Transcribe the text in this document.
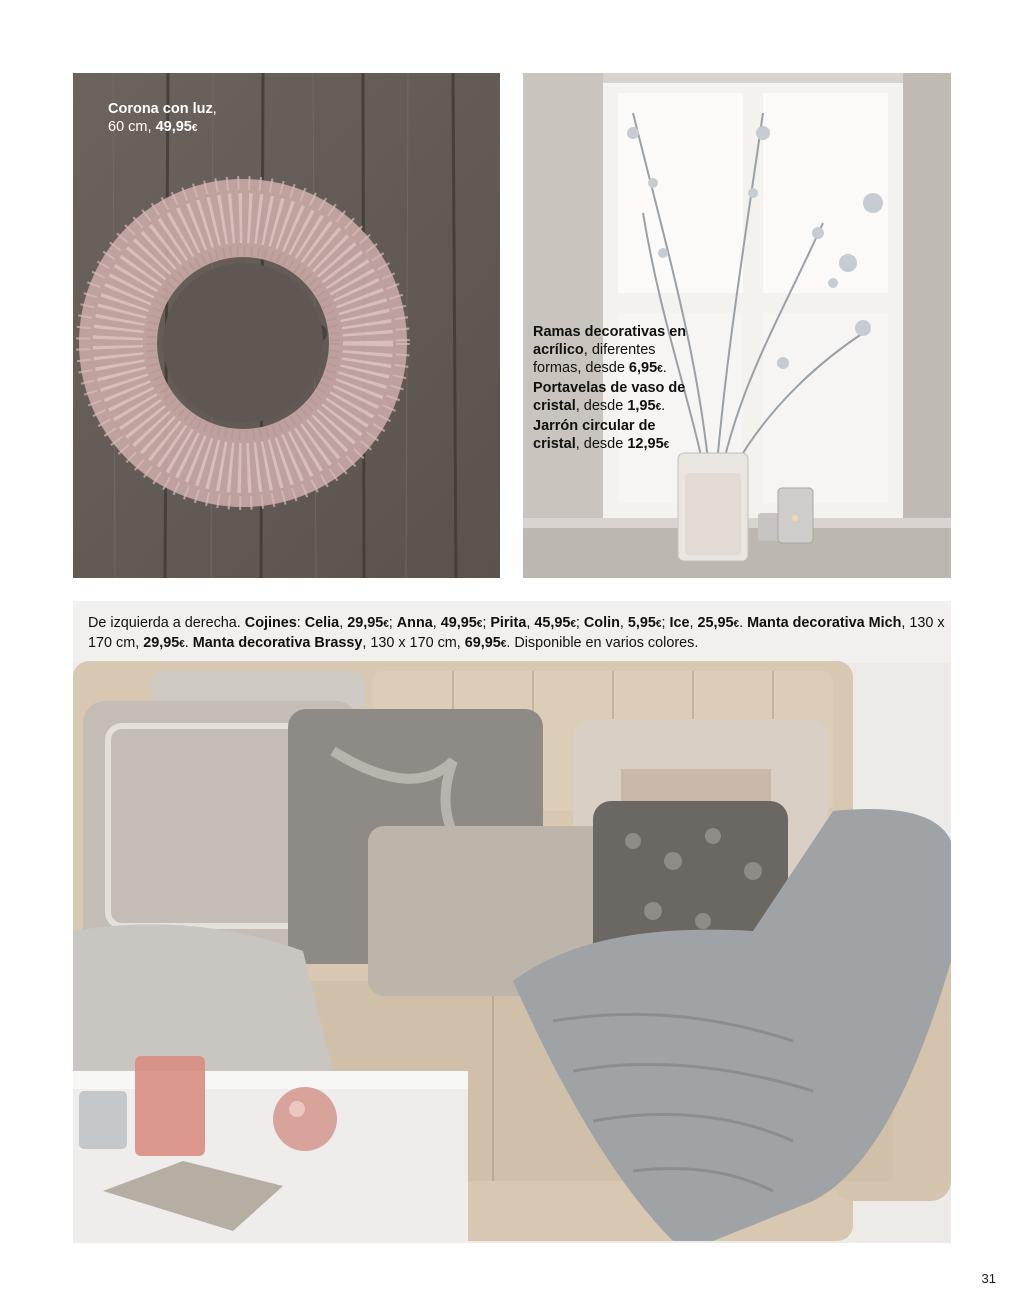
Corona con luz,
60 cm, 49,95€
Ramas decorativas en acrílico, diferentes formas, desde 6,95€. Portavelas de vaso de cristal, desde 1,95€. Jarrón circular de cristal, desde 12,95€
De izquierda a derecha. Cojines: Celia, 29,95€; Anna, 49,95€; Pirita, 45,95€; Colin, 5,95€; Ice, 25,95€. Manta decorativa Mich, 130 x 170 cm, 29,95€. Manta decorativa Brassy, 130 x 170 cm, 69,95€. Disponible en varios colores.
31
